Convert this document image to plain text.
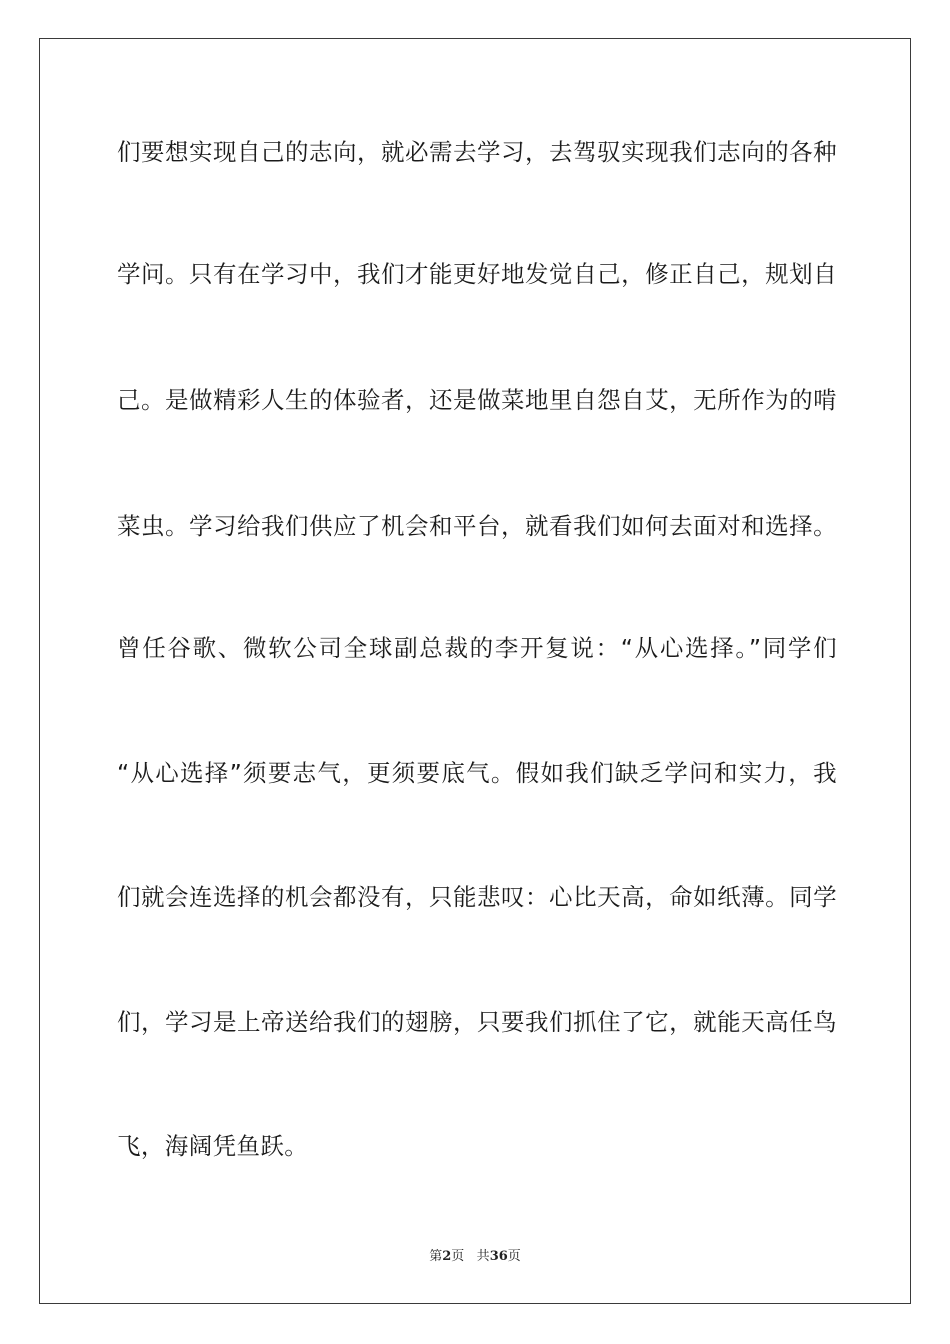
们要想实现自己的志向，就必需去学习，去驾驭实现我们志向的各种
学问。只有在学习中，我们才能更好地发觉自己，修正自己，规划自
己。是做精彩人生的体验者，还是做菜地里自怨自艾，无所作为的啃
菜虫。学习给我们供应了机会和平台，就看我们如何去面对和选择。
曾任谷歌、微软公司全球副总裁的李开复说：“从心选择。”同学们
“从心选择”须要志气，更须要底气。假如我们缺乏学问和实力，我
们就会连选择的机会都没有，只能悲叹：心比天高，命如纸薄。同学
们，学习是上帝送给我们的翅膀，只要我们抓住了它，就能天高任鸟
飞，海阔凭鱼跃。
第2页 共36页
